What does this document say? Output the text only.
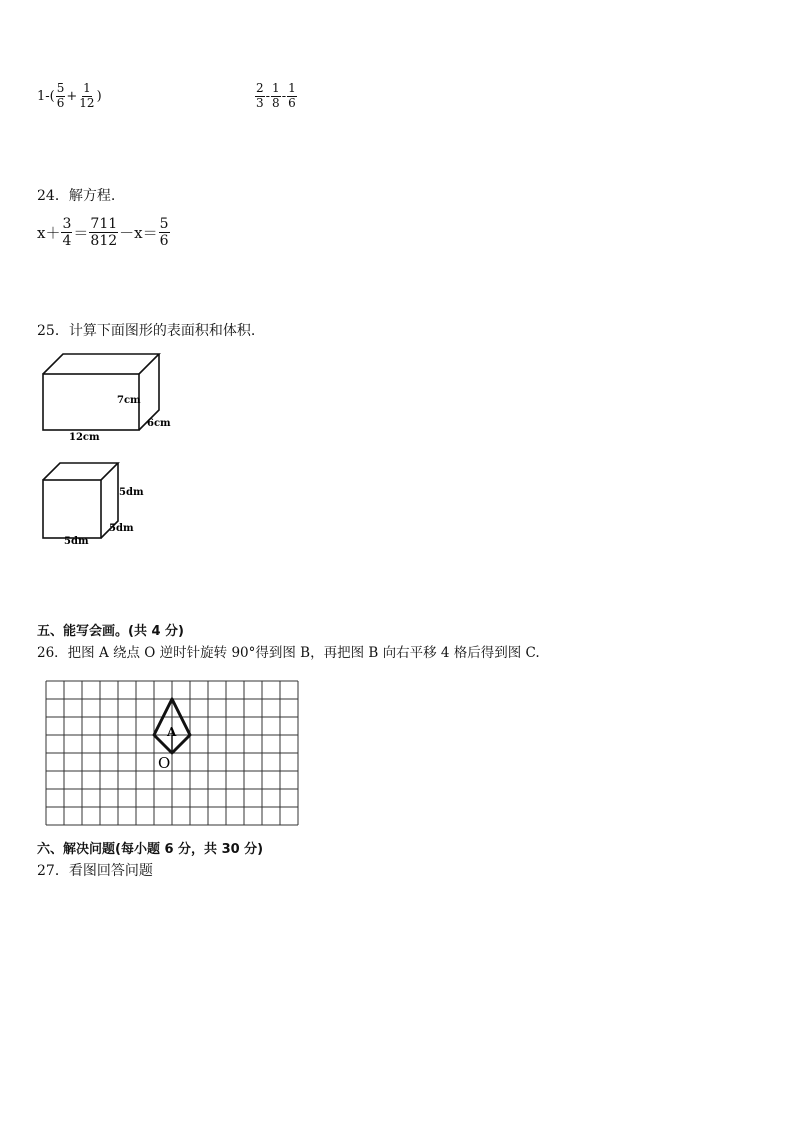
$1-( \frac{5}{6} + \frac{1}{12}$ )	$\frac{2}{3} - \frac{1}{8} - \frac{1}{6}$
24．解方程.
$x+ \frac{3}{4} = \frac{711}{812} -x= \frac{5}{6}$
25．计算下面图形的表面积和体积.
7cm
6cm
12cm
5dm
5dm
5dm
五、能写会画。(共 4 分)
26．把图 A 绕点 O 逆时针旋转 90°得到图 B，再把图 B 向右平移 4 格后得到图 C.
A
O
六、解决问题(每小题 6 分，共 30 分)
27．看图回答问题
